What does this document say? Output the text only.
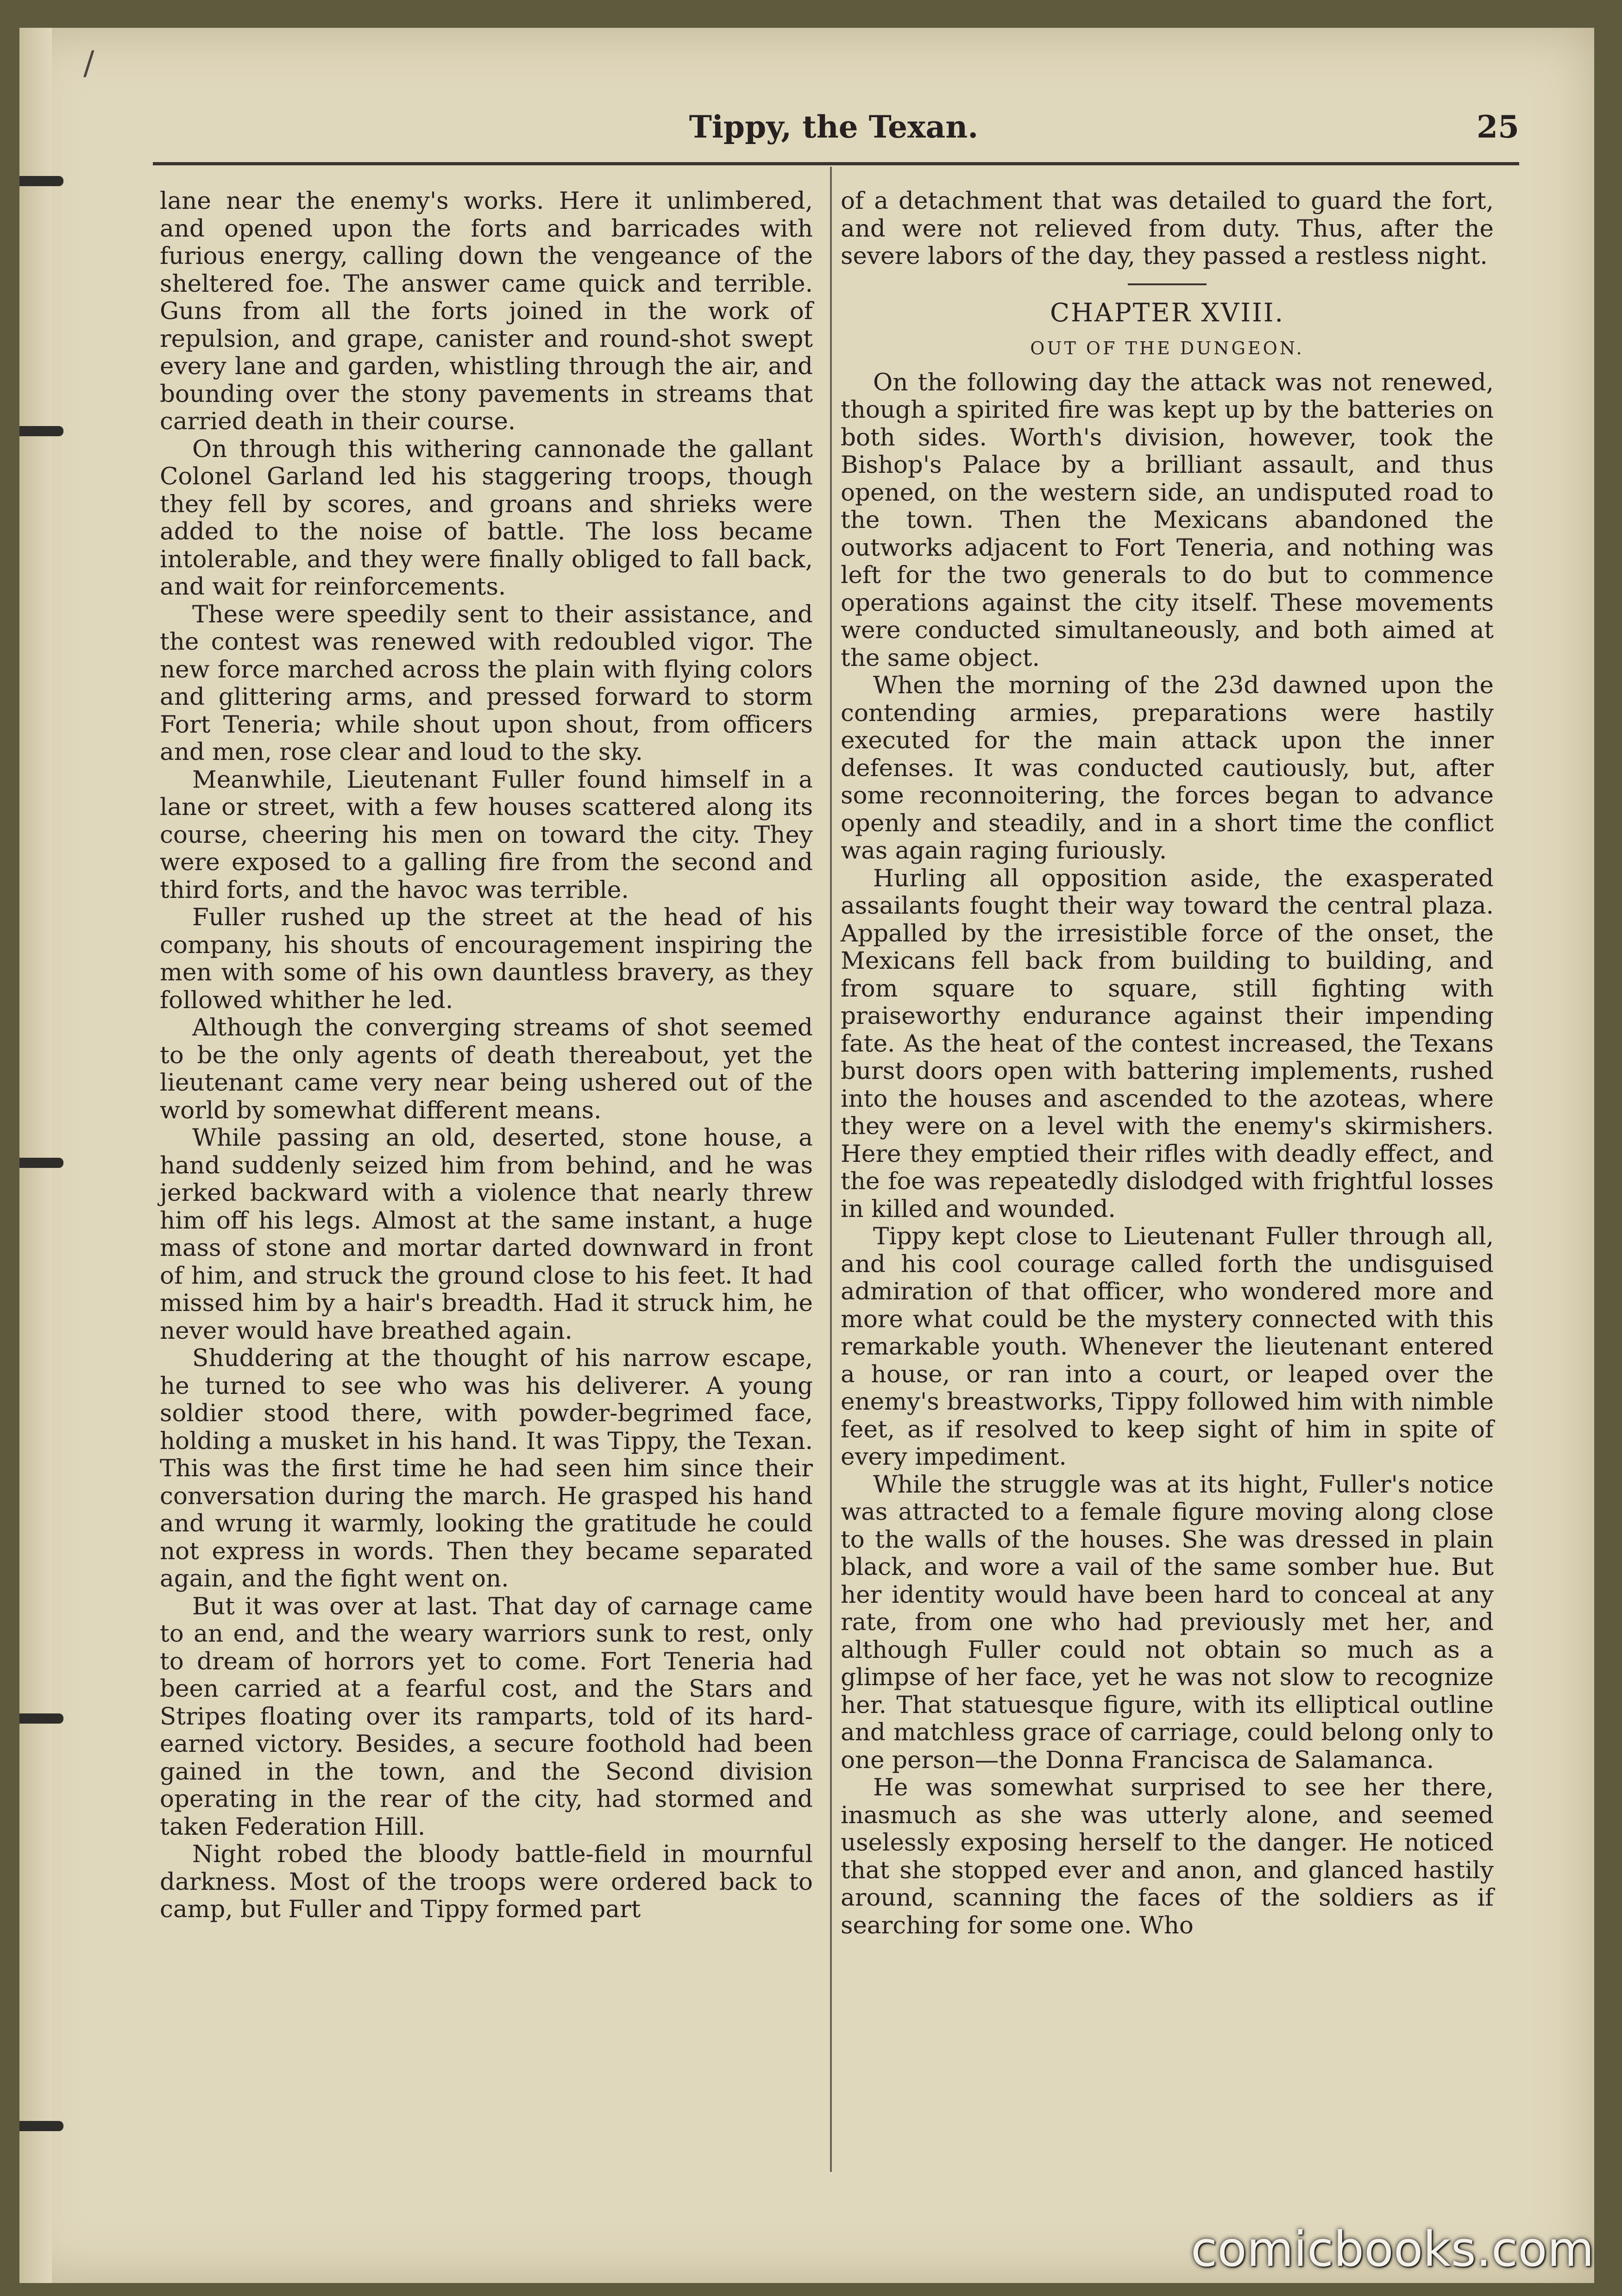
/
Tippy, the Texan.	25

lane near the enemy's works. Here it unlimbered, and opened upon the forts and barricades with furious energy, calling down the vengeance of the sheltered foe. The answer came quick and terrible. Guns from all the forts joined in the work of repulsion, and grape, canister and round-shot swept every lane and garden, whistling through the air, and bounding over the stony pavements in streams that carried death in their course.

On through this withering cannonade the gallant Colonel Garland led his staggering troops, though they fell by scores, and groans and shrieks were added to the noise of battle. The loss became intolerable, and they were finally obliged to fall back, and wait for reinforcements.

These were speedily sent to their assistance, and the contest was renewed with redoubled vigor. The new force marched across the plain with flying colors and glittering arms, and pressed forward to storm Fort Teneria; while shout upon shout, from officers and men, rose clear and loud to the sky.

Meanwhile, Lieutenant Fuller found himself in a lane or street, with a few houses scattered along its course, cheering his men on toward the city. They were exposed to a galling fire from the second and third forts, and the havoc was terrible.

Fuller rushed up the street at the head of his company, his shouts of encouragement inspiring the men with some of his own dauntless bravery, as they followed whither he led.

Although the converging streams of shot seemed to be the only agents of death thereabout, yet the lieutenant came very near being ushered out of the world by somewhat different means.

While passing an old, deserted, stone house, a hand suddenly seized him from behind, and he was jerked backward with a violence that nearly threw him off his legs. Almost at the same instant, a huge mass of stone and mortar darted downward in front of him, and struck the ground close to his feet. It had missed him by a hair's breadth. Had it struck him, he never would have breathed again.

Shuddering at the thought of his narrow escape, he turned to see who was his deliverer. A young soldier stood there, with powder-begrimed face, holding a musket in his hand. It was Tippy, the Texan. This was the first time he had seen him since their conversation during the march. He grasped his hand and wrung it warmly, looking the gratitude he could not express in words. Then they became separated again, and the fight went on.

But it was over at last. That day of carnage came to an end, and the weary warriors sunk to rest, only to dream of horrors yet to come. Fort Teneria had been carried at a fearful cost, and the Stars and Stripes floating over its ramparts, told of its hard-earned victory. Besides, a secure foothold had been gained in the town, and the Second division operating in the rear of the city, had stormed and taken Federation Hill.

Night robed the bloody battle-field in mournful darkness. Most of the troops were ordered back to camp, but Fuller and Tippy formed part

of a detachment that was detailed to guard the fort, and were not relieved from duty. Thus, after the severe labors of the day, they passed a restless night.

CHAPTER XVIII.
OUT OF THE DUNGEON.

On the following day the attack was not renewed, though a spirited fire was kept up by the batteries on both sides. Worth's division, however, took the Bishop's Palace by a brilliant assault, and thus opened, on the western side, an undisputed road to the town. Then the Mexicans abandoned the outworks adjacent to Fort Teneria, and nothing was left for the two generals to do but to commence operations against the city itself. These movements were conducted simultaneously, and both aimed at the same object.

When the morning of the 23d dawned upon the contending armies, preparations were hastily executed for the main attack upon the inner defenses. It was conducted cautiously, but, after some reconnoitering, the forces began to advance openly and steadily, and in a short time the conflict was again raging furiously.

Hurling all opposition aside, the exasperated assailants fought their way toward the central plaza. Appalled by the irresistible force of the onset, the Mexicans fell back from building to building, and from square to square, still fighting with praiseworthy endurance against their impending fate. As the heat of the contest increased, the Texans burst doors open with battering implements, rushed into the houses and ascended to the azoteas, where they were on a level with the enemy's skirmishers. Here they emptied their rifles with deadly effect, and the foe was repeatedly dislodged with frightful losses in killed and wounded.

Tippy kept close to Lieutenant Fuller through all, and his cool courage called forth the undisguised admiration of that officer, who wondered more and more what could be the mystery connected with this remarkable youth. Whenever the lieutenant entered a house, or ran into a court, or leaped over the enemy's breastworks, Tippy followed him with nimble feet, as if resolved to keep sight of him in spite of every impediment.

While the struggle was at its hight, Fuller's notice was attracted to a female figure moving along close to the walls of the houses. She was dressed in plain black, and wore a vail of the same somber hue. But her identity would have been hard to conceal at any rate, from one who had previously met her, and although Fuller could not obtain so much as a glimpse of her face, yet he was not slow to recognize her. That statuesque figure, with its elliptical outline and matchless grace of carriage, could belong only to one person—the Donna Francisca de Salamanca.

He was somewhat surprised to see her there, inasmuch as she was utterly alone, and seemed uselessly exposing herself to the danger. He noticed that she stopped ever and anon, and glanced hastily around, scanning the faces of the soldiers as if searching for some one. Who

comicbooks.com
